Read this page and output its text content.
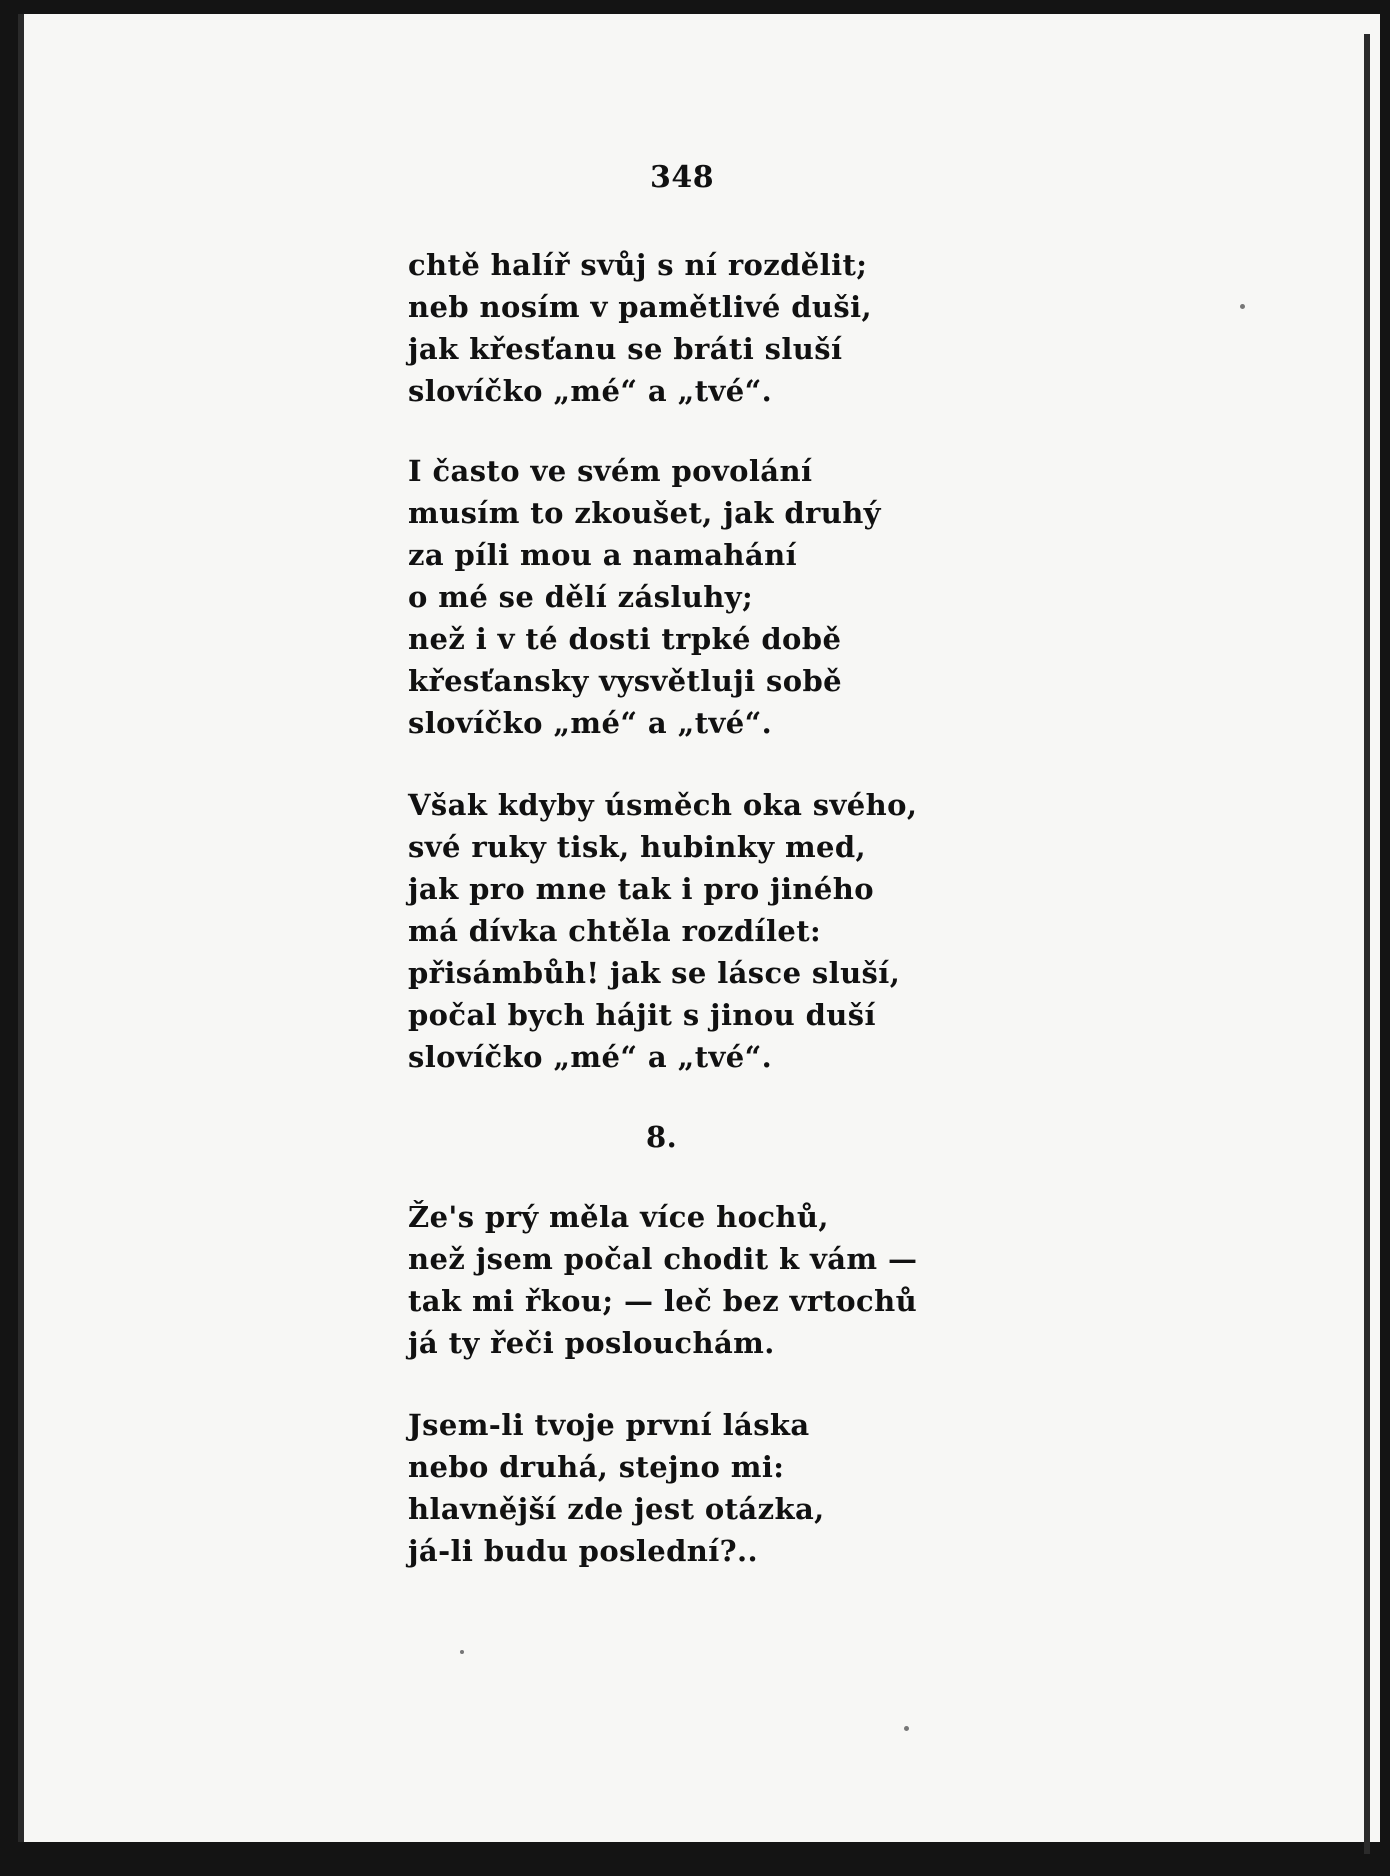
348
chtě halíř svůj s ní rozdělit;
neb nosím v pamětlivé duši,
jak křesťanu se bráti sluší
slovíčko „mé“ a „tvé“.
I často ve svém povolání
musím to zkoušet, jak druhý
za píli mou a namahání
o mé se dělí zásluhy;
než i v té dosti trpké době
křesťansky vysvětluji sobě
slovíčko „mé“ a „tvé“.
Však kdyby úsměch oka svého,
své ruky tisk, hubinky med,
jak pro mne tak i pro jiného
má dívka chtěla rozdílet:
přisámbůh! jak se lásce sluší,
počal bych hájit s jinou duší
slovíčko „mé“ a „tvé“.
8.
Že's prý měla více hochů,
než jsem počal chodit k vám —
tak mi řkou; — leč bez vrtochů
já ty řeči poslouchám.
Jsem-li tvoje první láska
nebo druhá, stejno mi:
hlavnější zde jest otázka,
já-li budu poslední?..
